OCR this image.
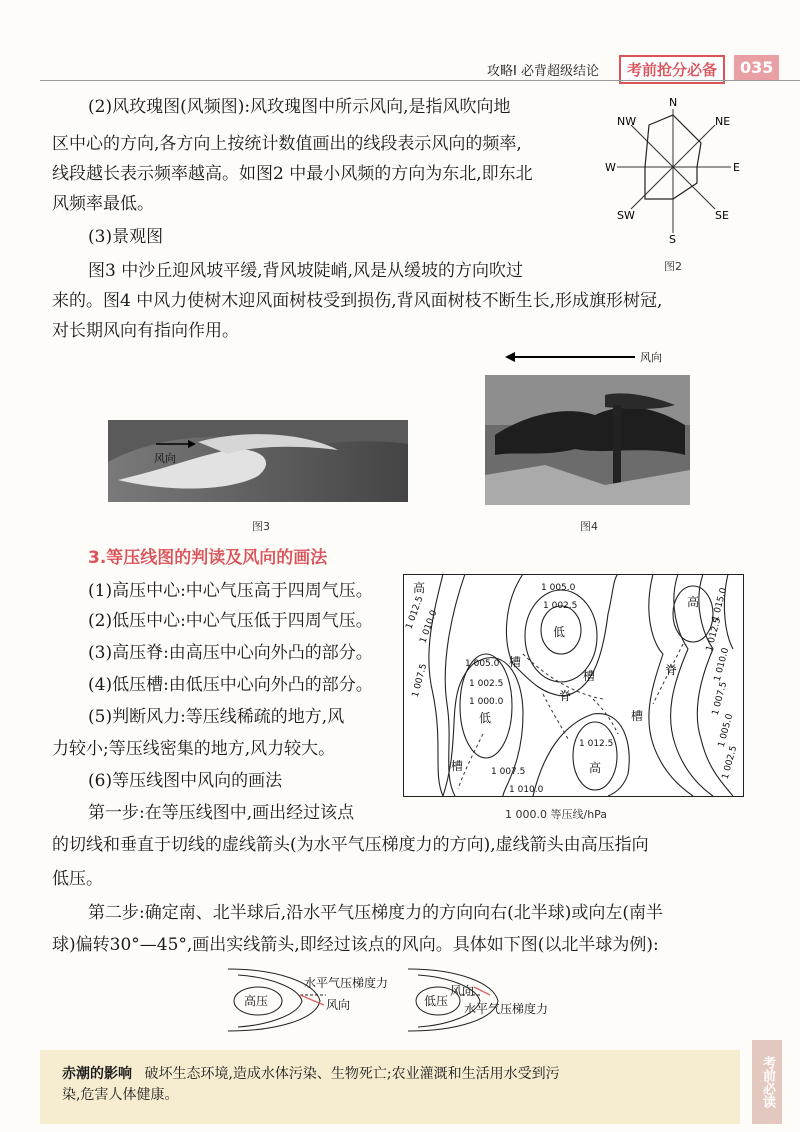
攻略Ⅰ 必背超级结论	考前抢分必备	035
(2)风玫瑰图(风频图):风玫瑰图中所示风向,是指风吹向地
区中心的方向,各方向上按统计数值画出的线段表示风向的频率,
线段越长表示频率越高。如图2 中最小风频的方向为东北,即东北
风频率最低。
N
NE
E
SE
S
SW
W
NW
图2
(3)景观图
图3 中沙丘迎风坡平缓,背风坡陡峭,风是从缓坡的方向吹过
来的。图4 中风力使树木迎风面树枝受到损伤,背风面树枝不断生长,形成旗形树冠,
对长期风向有指向作用。
风向
图3
风向
图4
3.等压线图的判读及风向的画法
(1)高压中心:中心气压高于四周气压。
(2)低压中心:中心气压低于四周气压。
(3)高压脊:由高压中心向外凸的部分。
(4)低压槽:由低压中心向外凸的部分。
(5)判断风力:等压线稀疏的地方,风
力较小;等压线密集的地方,风力较大。
(6)等压线图中风向的画法
第一步:在等压线图中,画出经过该点
高
高
高
低
低
脊
脊
槽
槽
槽
槽
1 005.0
1 002.5
1 012.5
1 010.0
1 007.5	1 005.0
1 002.5
1 000.0
1 012.5
1 007.5
1 010.0
1 015.0
1 012.5
1 010.0
1 007.5
1 005.0
1 002.5
1 000.0 等压线/hPa
的切线和垂直于切线的虚线箭头(为水平气压梯度力的方向),虚线箭头由高压指向
低压。
第二步:确定南、北半球后,沿水平气压梯度力的方向向右(北半球)或向左(南半
球)偏转30°—45°,画出实线箭头,即经过该点的风向。具体如下图(以北半球为例):
高压
水平气压梯度力
风向	低压
风向
水平气压梯度力
赤潮的影响 破坏生态环境,造成水体污染、生物死亡;农业灌溉和生活用水受到污
染,危害人体健康。	考前必读
